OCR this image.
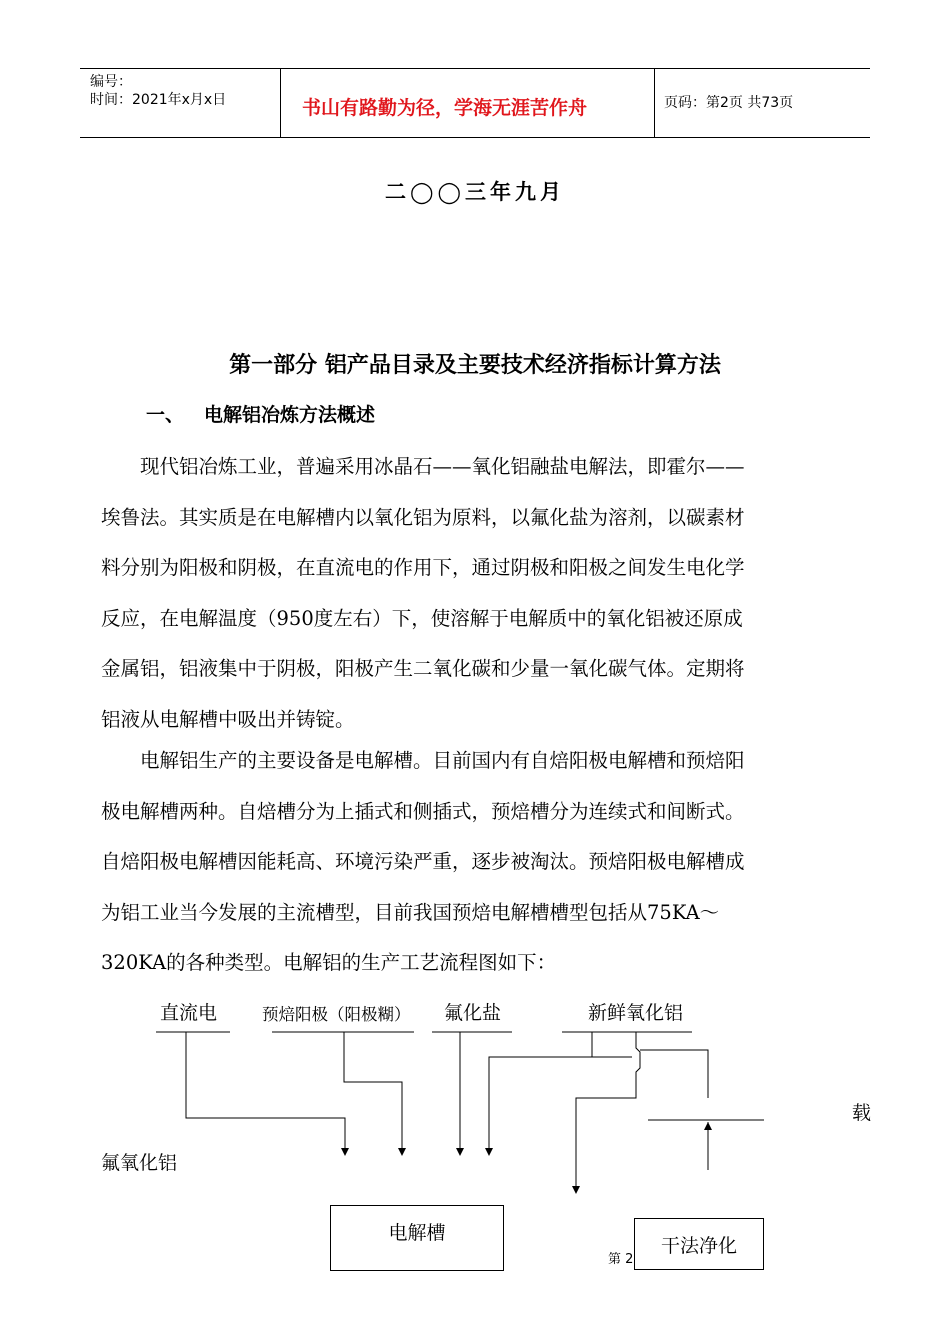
编号：
时间：2021年x月x日	书山有路勤为径，学海无涯苦作舟	页码：第2页 共73页
二◯◯三年九月
第一部分 铝产品目录及主要技术经济指标计算方法
一、 电解铝冶炼方法概述
　　现代铝冶炼工业，普遍采用冰晶石——氧化铝融盐电解法，即霍尔——
埃鲁法。其实质是在电解槽内以氧化铝为原料，以氟化盐为溶剂，以碳素材
料分别为阳极和阴极，在直流电的作用下，通过阴极和阳极之间发生电化学
反应，在电解温度（950度左右）下，使溶解于电解质中的氧化铝被还原成
金属铝，铝液集中于阴极，阳极产生二氧化碳和少量一氧化碳气体。定期将
铝液从电解槽中吸出并铸锭。
　　电解铝生产的主要设备是电解槽。目前国内有自焙阳极电解槽和预焙阳
极电解槽两种。自焙槽分为上插式和侧插式，预焙槽分为连续式和间断式。
自焙阳极电解槽因能耗高、环境污染严重，逐步被淘汰。预焙阳极电解槽成
为铝工业当今发展的主流槽型，目前我国预焙电解槽槽型包括从75KA～
320KA的各种类型。电解铝的生产工艺流程图如下：
直流电	预焙阳极（阳极糊） 氟化盐	新鲜氧化铝
载
氟氧化铝
电解槽
第 2
干法净化
